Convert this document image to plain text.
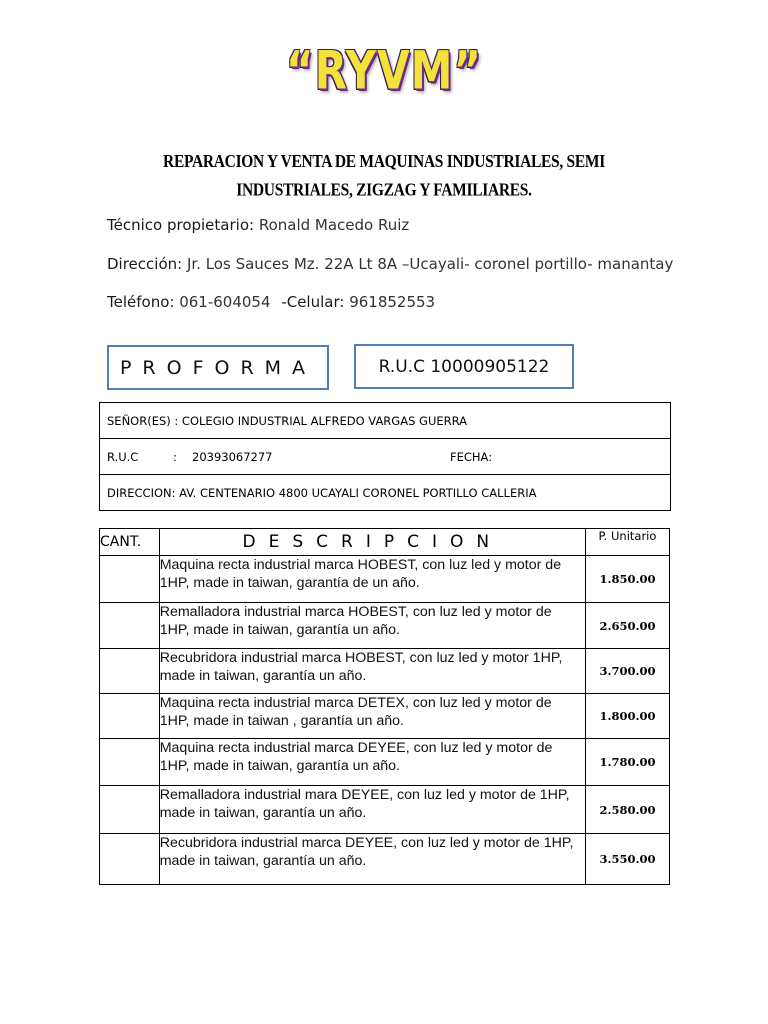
“RYVM”
REPARACION Y VENTA DE MAQUINAS INDUSTRIALES, SEMI INDUSTRIALES, ZIGZAG Y FAMILIARES.
Técnico propietario: Ronald Macedo Ruiz
Dirección: Jr. Los Sauces Mz. 22A Lt 8A –Ucayali- coronel portillo- manantay
Teléfono: 061-604054 -Celular: 961852553
PROFORMA	R.U.C 10000905122
SEÑOR(ES) : COLEGIO INDUSTRIAL ALFREDO VARGAS GUERRA
R.U.C	: 20393067277	FECHA:
DIRECCION: AV. CENTENARIO 4800 UCAYALI CORONEL PORTILLO CALLERIA
CANT.	DESCRIPCION	P. Unitario
	Maquina recta industrial marca HOBEST, con luz led y motor de 1HP, made in taiwan, garantía de un año.	1.850.00
	Remalladora industrial marca HOBEST, con luz led y motor de 1HP, made in taiwan, garantía un año.	2.650.00
	Recubridora industrial marca HOBEST, con luz led y motor 1HP, made in taiwan, garantía un año.	3.700.00
	Maquina recta industrial marca DETEX, con luz led y motor de 1HP, made in taiwan , garantía un año.	1.800.00
	Maquina recta industrial marca DEYEE, con luz led y motor de 1HP, made in taiwan, garantía un año.	1.780.00
	Remalladora industrial mara DEYEE, con luz led y motor de 1HP, made in taiwan, garantía un año.	2.580.00
	Recubridora industrial marca DEYEE, con luz led y motor de 1HP, made in taiwan, garantía un año.	3.550.00
